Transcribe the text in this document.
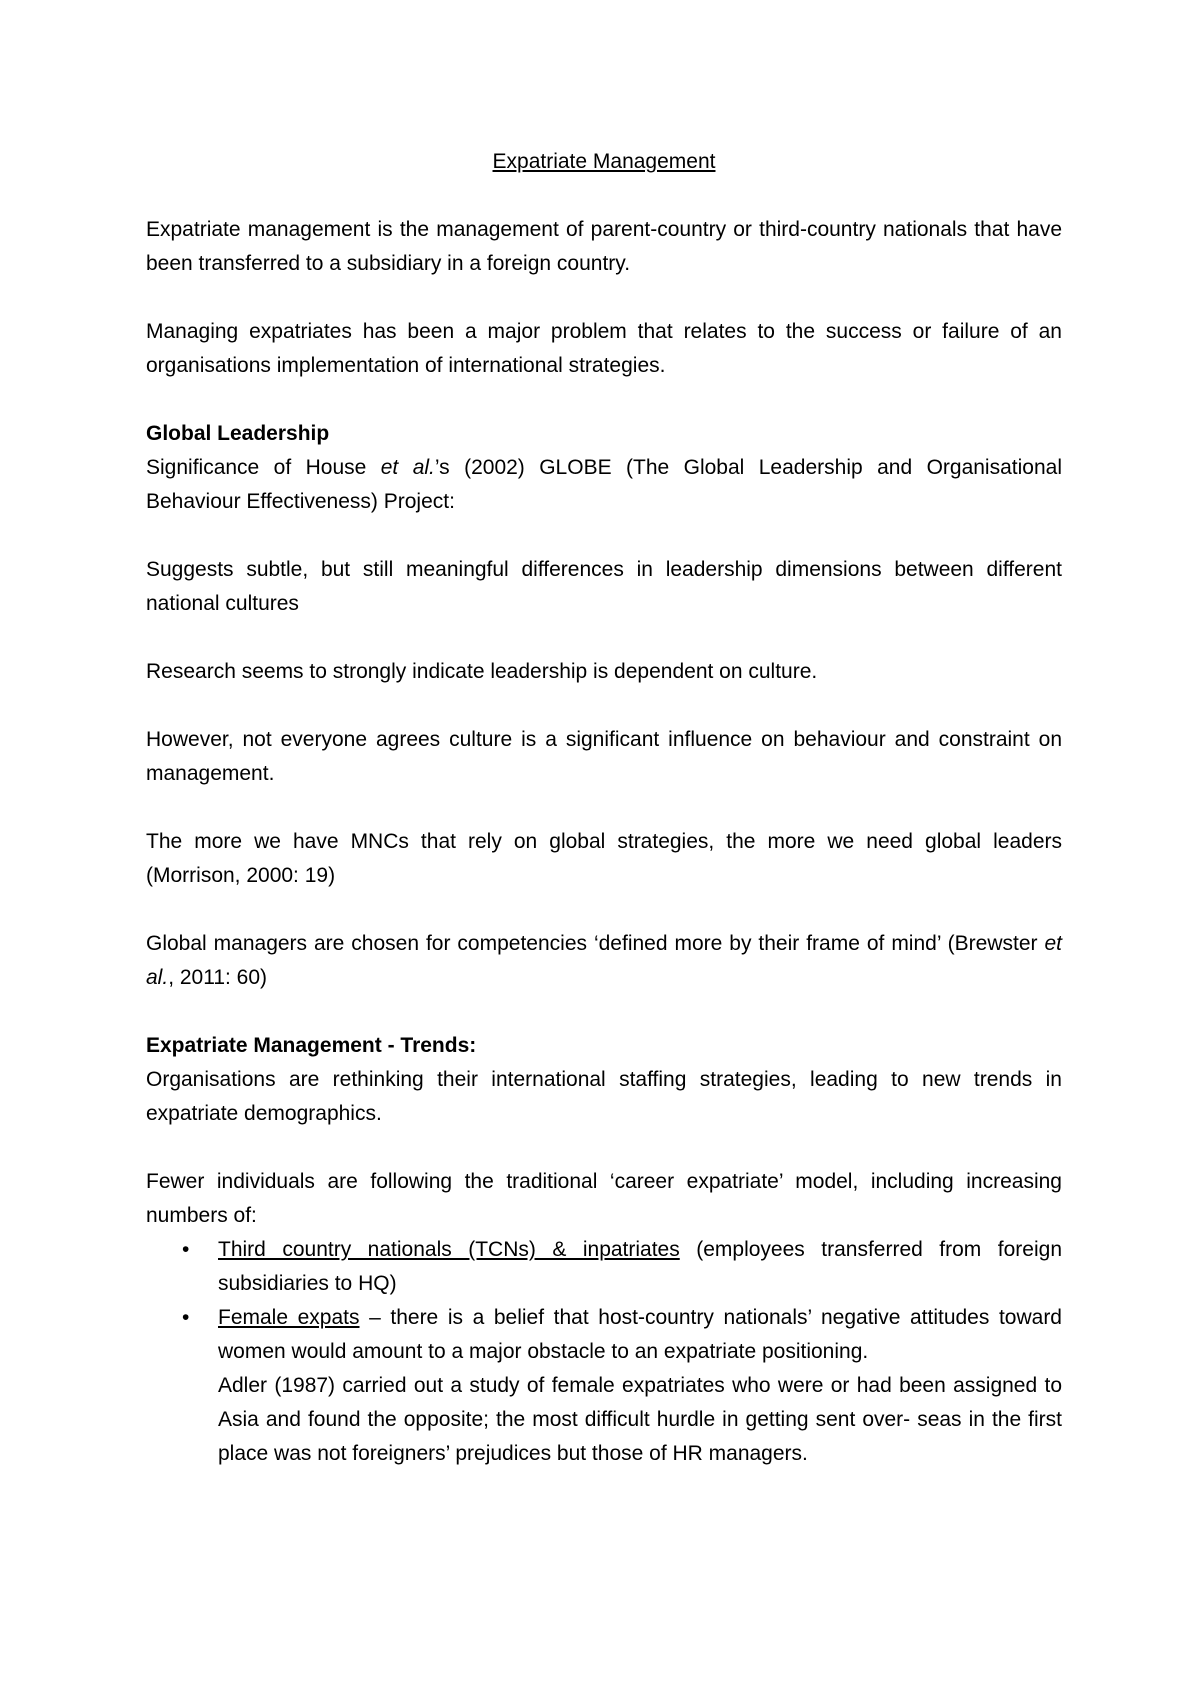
Expatriate Management

Expatriate management is the management of parent-country or third-country nationals that have been transferred to a subsidiary in a foreign country.

Managing expatriates has been a major problem that relates to the success or failure of an organisations implementation of international strategies.

Global Leadership

Significance of House et al.’s (2002) GLOBE (The Global Leadership and Organisational Behaviour Effectiveness) Project:

Suggests subtle, but still meaningful differences in leadership dimensions between different national cultures

Research seems to strongly indicate leadership is dependent on culture.

However, not everyone agrees culture is a significant influence on behaviour and constraint on management.

The more we have MNCs that rely on global strategies, the more we need global leaders (Morrison, 2000: 19)

Global managers are chosen for competencies ‘defined more by their frame of mind’ (Brewster et al., 2011: 60)

Expatriate Management - Trends:

Organisations are rethinking their international staffing strategies, leading to new trends in expatriate demographics.

Fewer individuals are following the traditional ‘career expatriate’ model, including increasing numbers of:

• Third country nationals (TCNs) & inpatriates (employees transferred from foreign subsidiaries to HQ)
• Female expats – there is a belief that host-country nationals’ negative attitudes toward women would amount to a major obstacle to an expatriate positioning.
Adler (1987) carried out a study of female expatriates who were or had been assigned to Asia and found the opposite; the most difficult hurdle in getting sent over- seas in the first place was not foreigners’ prejudices but those of HR managers.
